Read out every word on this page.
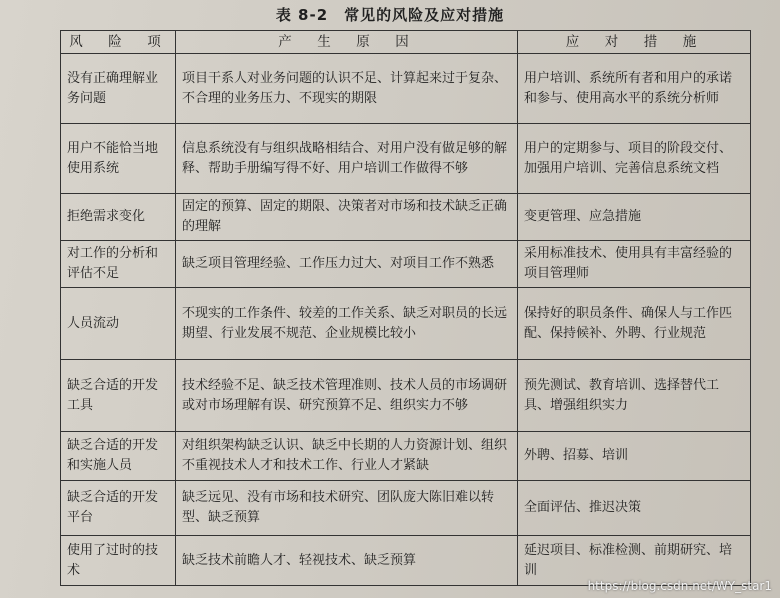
表 8-2　常见的风险及应对措施
风　险　项	产　生　原　因	应　对　措　施
没有正确理解业务问题	项目干系人对业务问题的认识不足、计算起来过于复杂、不合理的业务压力、不现实的期限	用户培训、系统所有者和用户的承诺和参与、使用高水平的系统分析师
用户不能恰当地使用系统	信息系统没有与组织战略相结合、对用户没有做足够的解释、帮助手册编写得不好、用户培训工作做得不够	用户的定期参与、项目的阶段交付、加强用户培训、完善信息系统文档
拒绝需求变化	固定的预算、固定的期限、决策者对市场和技术缺乏正确的理解	变更管理、应急措施
对工作的分析和评估不足	缺乏项目管理经验、工作压力过大、对项目工作不熟悉	采用标准技术、使用具有丰富经验的项目管理师
人员流动	不现实的工作条件、较差的工作关系、缺乏对职员的长远期望、行业发展不规范、企业规模比较小	保持好的职员条件、确保人与工作匹配、保持候补、外聘、行业规范
缺乏合适的开发工具	技术经验不足、缺乏技术管理准则、技术人员的市场调研或对市场理解有误、研究预算不足、组织实力不够	预先测试、教育培训、选择替代工具、增强组织实力
缺乏合适的开发和实施人员	对组织架构缺乏认识、缺乏中长期的人力资源计划、组织不重视技术人才和技术工作、行业人才紧缺	外聘、招募、培训
缺乏合适的开发平台	缺乏远见、没有市场和技术研究、团队庞大陈旧难以转型、缺乏预算	全面评估、推迟决策
使用了过时的技术	缺乏技术前瞻人才、轻视技术、缺乏预算	延迟项目、标准检测、前期研究、培训
https://blog.csdn.net/WY_star1
